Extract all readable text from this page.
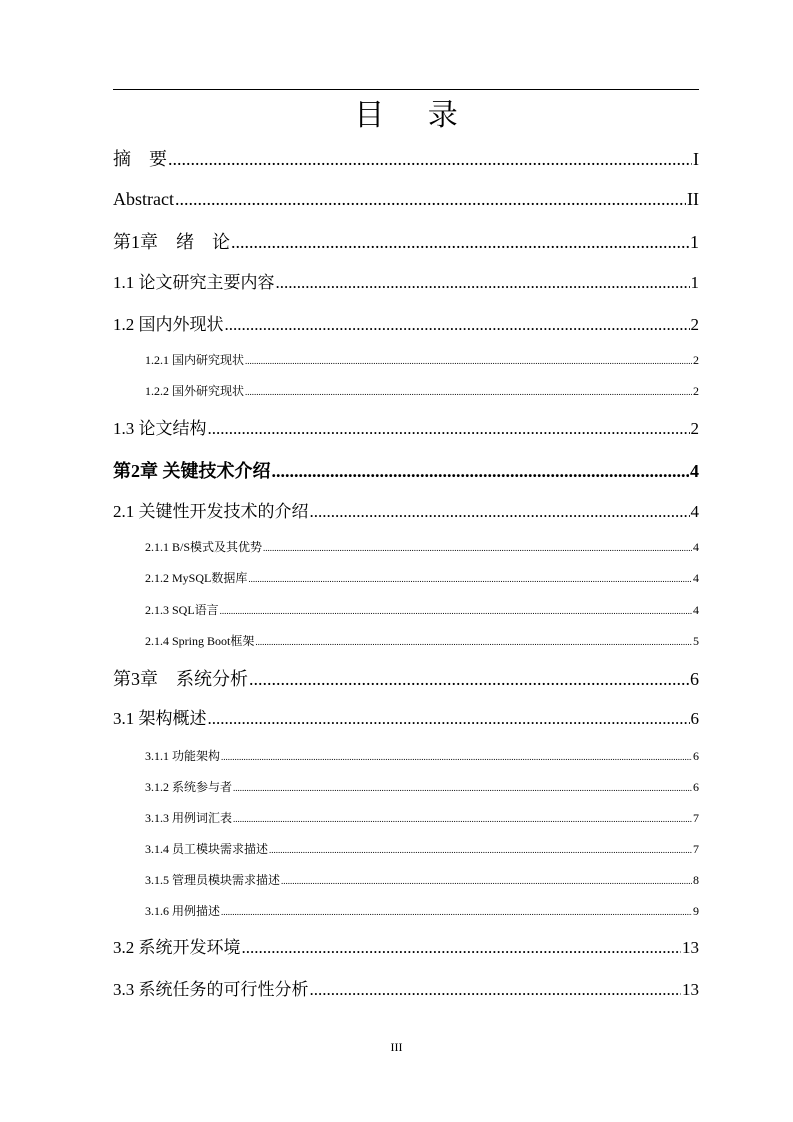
目 录
摘　要 .....	I
Abstract .....	II
第1章　绪　论 .....	1
1.1 论文研究主要内容 .....	1
1.2 国内外现状 .....	2
1.2.1 国内研究现状 .....	2
1.2.2 国外研究现状 .....	2
1.3 论文结构 .....	2
第2章 关键技术介绍 .....	4
2.1 关键性开发技术的介绍 .....	4
2.1.1 B/S模式及其优势 .....	4
2.1.2 MySQL数据库 .....	4
2.1.3 SQL语言 .....	4
2.1.4 Spring Boot框架 .....	5
第3章　系统分析 .....	6
3.1 架构概述 .....	6
3.1.1 功能架构 .....	6
3.1.2 系统参与者 .....	6
3.1.3 用例词汇表 .....	7
3.1.4 员工模块需求描述 .....	7
3.1.5 管理员模块需求描述 .....	8
3.1.6 用例描述 .....	9
3.2 系统开发环境 .....	13
3.3 系统任务的可行性分析 .....	13
III
